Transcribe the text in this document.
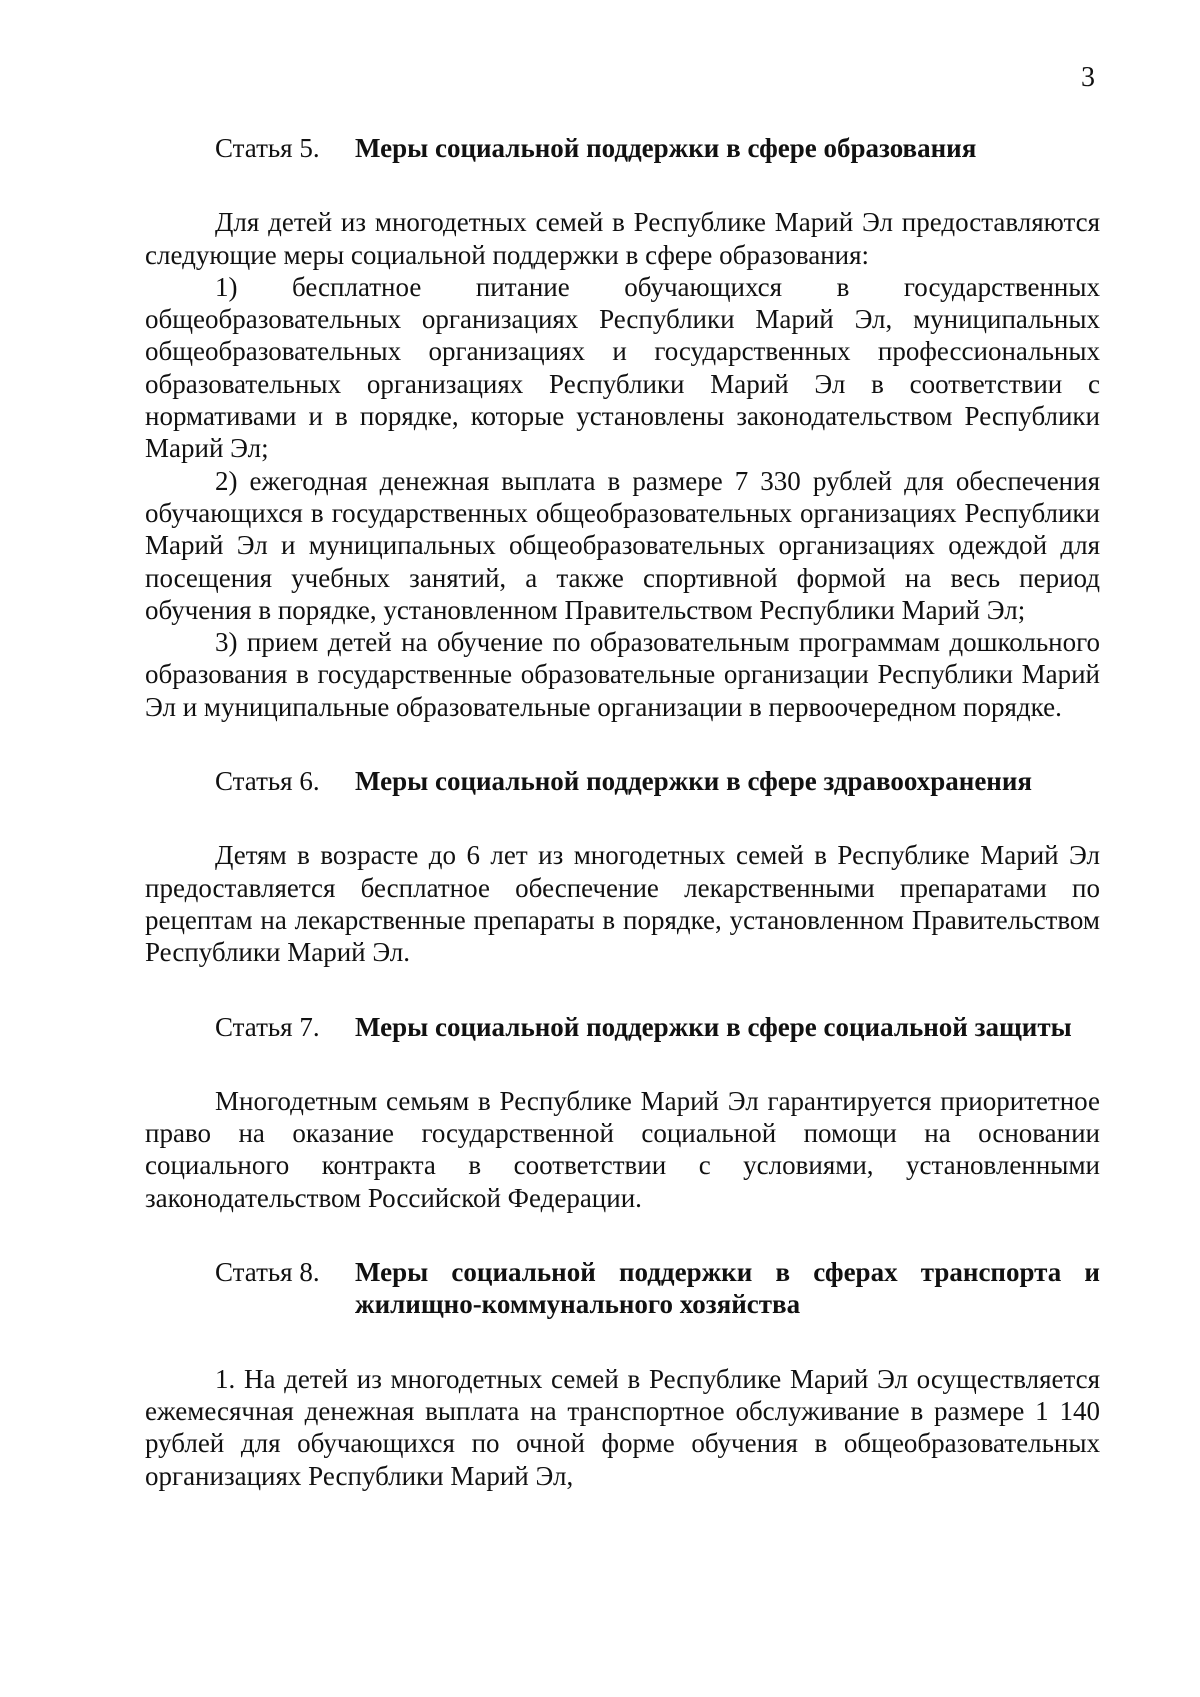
3
Статья 5.	Меры социальной поддержки в сфере образования

Для детей из многодетных семей в Республике Марий Эл предоставляются следующие меры социальной поддержки в сфере образования:

1) бесплатное питание обучающихся в государственных общеобразовательных организациях Республики Марий Эл, муниципальных общеобразовательных организациях и государственных профессиональных образовательных организациях Республики Марий Эл в соответствии с нормативами и в порядке, которые установлены законодательством Республики Марий Эл;

2) ежегодная денежная выплата в размере 7 330 рублей для обеспечения обучающихся в государственных общеобразовательных организациях Республики Марий Эл и муниципальных общеобразовательных организациях одеждой для посещения учебных занятий, а также спортивной формой на весь период обучения в порядке, установленном Правительством Республики Марий Эл;

3) прием детей на обучение по образовательным программам дошкольного образования в государственные образовательные организации Республики Марий Эл и муниципальные образовательные организации в первоочередном порядке.

Статья 6.	Меры социальной поддержки в сфере здравоохранения

Детям в возрасте до 6 лет из многодетных семей в Республике Марий Эл предоставляется бесплатное обеспечение лекарственными препаратами по рецептам на лекарственные препараты в порядке, установленном Правительством Республики Марий Эл.

Статья 7.	Меры социальной поддержки в сфере социальной защиты

Многодетным семьям в Республике Марий Эл гарантируется приоритетное право на оказание государственной социальной помощи на основании социального контракта в соответствии с условиями, установленными законодательством Российской Федерации.

Статья 8.	Меры социальной поддержки в сферах транспорта и жилищно-коммунального хозяйства

1. На детей из многодетных семей в Республике Марий Эл осуществляется ежемесячная денежная выплата на транспортное обслуживание в размере 1 140 рублей для обучающихся по очной форме обучения в общеобразовательных организациях Республики Марий Эл,
